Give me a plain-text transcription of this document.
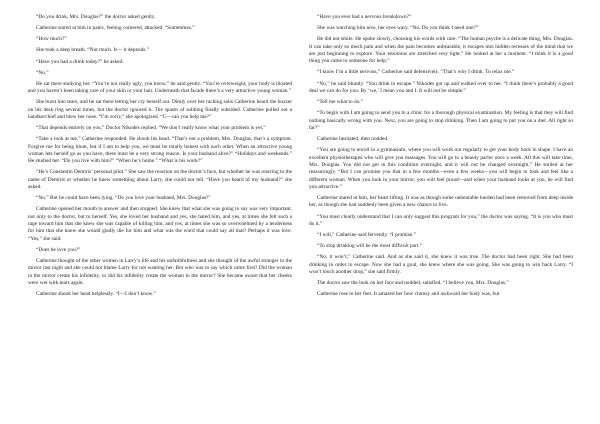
“Do you drink, Mrs. Douglas?” the doctor asked gently.

Catherine stared at him in panic, feeling cornered, attacked. “Sometimes.”

“How much?”

She took a deep breath. “Not much. It— it depends.”

“Have you had a drink today?” he asked.

“No.”

He sat there studying her. “You’re not really ugly, you know,” he said gently. “You’re overweight, your body is bloated and you haven’t been taking care of your skin or your hair. Underneath that facade there’s a very attractive young woman.”

She burst into tears, and he sat there letting her cry herself out. Dimly over her racking sobs Catherine heard the buzzer on his desk ring several times, but the doctor ignored it. The spasm of sobbing finally subsided. Catherine pulled out a handkerchief and blew her nose. “I’m sorry,” she apologized. “C—can you help me?”

“That depends entirely on you,” Doctor Nikodes replied. “We don’t really know what your problem is yet.”

“Take a look at me,” Catherine responded. He shook his head. “That’s not a problem, Mrs. Douglas, that’s a symptom. Forgive me for being blunt, but if I am to help you, we must be totally honest with each other. When an attractive young woman lets herself go as you have, there must be a very strong reason. Is your husband alive?” “Holidays and weekends.” He studied her. “Do you live with him?” “When he’s home.” “What is his work?”

“He’s Constantin Demiris’ personal pilot.” She saw the reaction on the doctor’s face, but whether he was reacting to the name of Demiris or whether he knew something about Larry, she could not tell. “Have you heard of my husband?” she asked.

“No.” But he could have been lying. “Do you love your husband, Mrs. Douglas?”

Catherine opened her mouth to answer and then stopped. She knew that what she was going to say was very important, not only to the doctor, but to herself. Yes, she loved her husband and yes, she hated him, and yes, at times she felt such a rage toward him that she knew she was capable of killing him, and yes, at times she was so overwhelmed by a tenderness for him that she knew she would gladly die for him and what was the word that could say all that? Perhaps it was love. “Yes,” she said.

“Does he love you?”

Catherine thought of the other women in Larry’s life and his unfaithfulness and she thought of the awful stranger in the mirror last night and she could not blame Larry for not wanting her. But who was to say which came first? Did the woman in the mirror create his infidelity, or did his infidelity create the woman in the mirror? She became aware that her cheeks were wet with tears again.

Catherine shook her head helplessly. “I—I don’t know.”

“Have you ever had a nervous breakdown?”

She was watching him now, her eyes wary. “No. Do you think I need one?”

He did not smile. He spoke slowly, choosing his words with care. “The human psyche is a delicate thing, Mrs. Douglas. It can take only so much pain and when the pain becomes unbearable, it escapes into hidden recesses of the mind that we are just beginning to explore. Your emotions are stretched very tight.” He looked at her a moment. “I think it is a good thing you came to someone for help.”

“I know I’m a little nervous,” Catherine said defensively. “That’s why I drink. To relax me.”

“No,” he said bluntly. “You drink to escape.” Nikodes got up and walked over to her. “I think there’s probably a good deal we can do for you. By ‘we,’ I mean you and I. It will not be simple.”

“Tell me what to do.”

“To begin with I am going to send you to a clinic for a thorough physical examination. My feeling is that they will find nothing basically wrong with you. Next, you are going to stop drinking. Then I am going to put you on a diet. All right so far?”

Catherine hesitated, then nodded.

“You are going to enroll in a gymnasium, where you will work out regularly to get your body back in shape. I have an excellent physiotherapist who will give you massages. You will go to a beauty parlor once a week. All this will take time, Mrs. Douglas. You did not get in this condition overnight, and it will not be changed overnight.” He smiled at her reassuringly. “But I can promise you that in a few months—even a few weeks—you will begin to look and feel like a different woman. When you look in your mirror, you will feel proud—and when your husband looks at you, he will find you attractive.”

Catherine stared at him, her heart lifting. It was as though some unbearable burden had been removed from deep inside her, as though she had suddenly been given a new chance to live.

“You must clearly understand that I can only suggest this program for you,” the doctor was saying. “It is you who must do it.”

“I will,” Catherine said fervently. “I promise.”

“To stop drinking will be the most difficult part.”

“No, it won’t,” Catherine said. And as she said it, she knew it was true. The doctor had been right. She had been drinking in order to escape. Now she had a goal, she knew where she was going. She was going to win back Larry. “I won’t touch another drop,” she said firmly.

The doctor saw the look on her face and nodded, satisfied. “I believe you, Mrs. Douglas.”

Catherine rose to her feet. It amazed her how clumsy and awkward her body was, but
